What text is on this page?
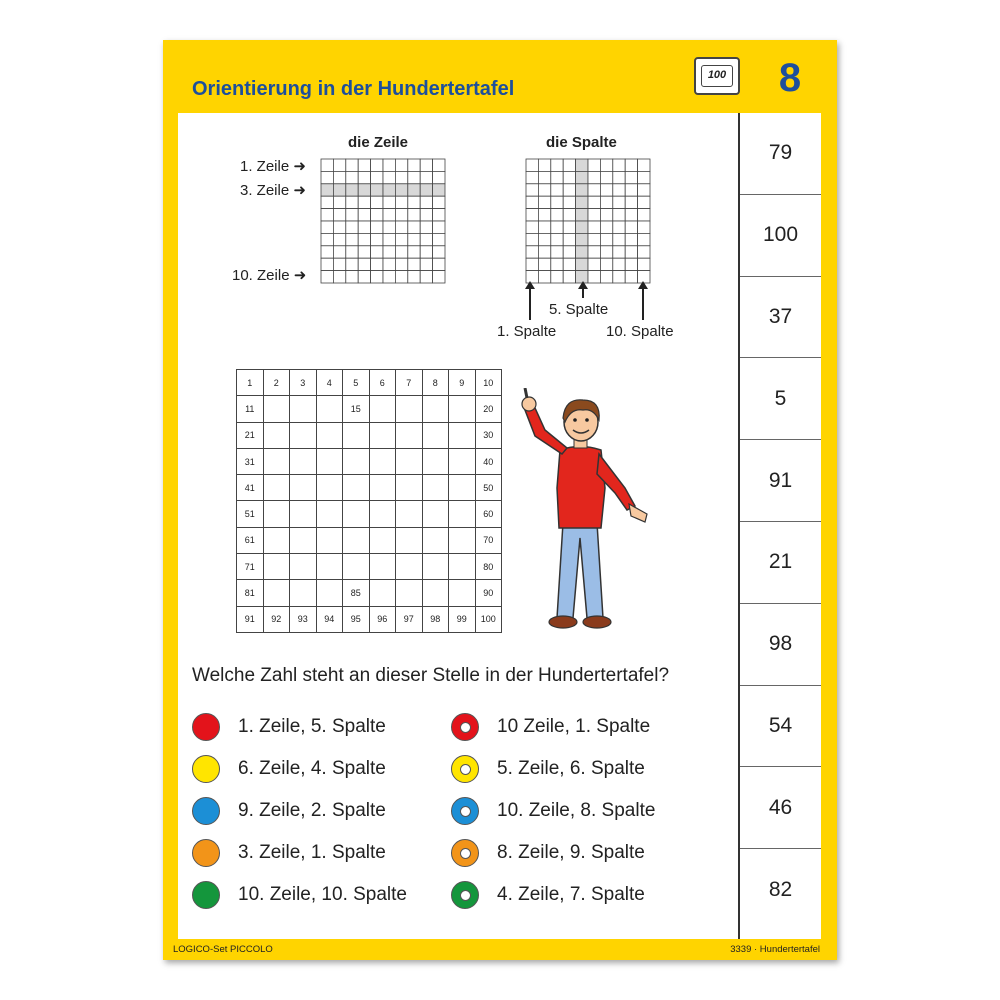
Orientierung in der Hundertertafel
100 8
die Zeile
1. Zeile ➜
3. Zeile ➜
10. Zeile ➜
die Spalte
5. Spalte
1. Spalte	10. Spalte
1	2	3	4	5	6	7	8	9	10
11				15					20
21									30
31									40
41									50
51									60
61									70
71									80
81				85					90
91	92	93	94	95	96	97	98	99	100
Welche Zahl steht an dieser Stelle in der Hundertertafel?
1. Zeile, 5. Spalte
6. Zeile, 4. Spalte
9. Zeile, 2. Spalte
3. Zeile, 1. Spalte
10. Zeile, 10. Spalte
10 Zeile, 1. Spalte
5. Zeile, 6. Spalte
10. Zeile, 8. Spalte
8. Zeile, 9. Spalte
4. Zeile, 7. Spalte
79
100
37
5
91
21
98
54
46
82
LOGICO-Set PICCOLO	3339 · Hundertertafel
